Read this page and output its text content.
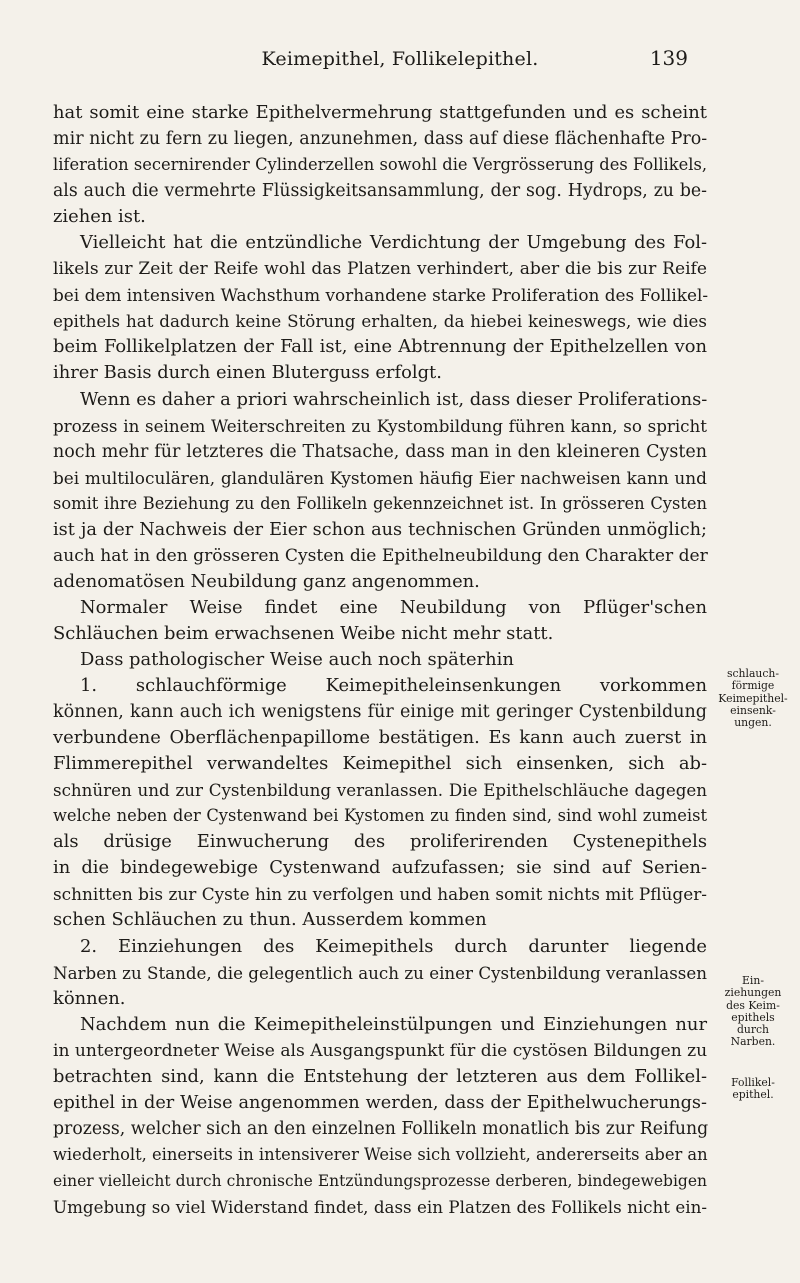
Keimepithel, Follikelepithel.	139
hat somit eine starke Epithelvermehrung stattgefunden und es scheint
mir nicht zu fern zu liegen, anzunehmen, dass auf diese flächenhafte Pro-
liferation secernirender Cylinderzellen sowohl die Vergrösserung des Follikels,
als auch die vermehrte Flüssigkeitsansammlung, der sog. Hydrops, zu be-
ziehen ist.
Vielleicht hat die entzündliche Verdichtung der Umgebung des Fol-
likels zur Zeit der Reife wohl das Platzen verhindert, aber die bis zur Reife
bei dem intensiven Wachsthum vorhandene starke Proliferation des Follikel-
epithels hat dadurch keine Störung erhalten, da hiebei keineswegs, wie dies
beim Follikelplatzen der Fall ist, eine Abtrennung der Epithelzellen von
ihrer Basis durch einen Bluterguss erfolgt.
Wenn es daher a priori wahrscheinlich ist, dass dieser Proliferations-
prozess in seinem Weiterschreiten zu Kystombildung führen kann, so spricht
noch mehr für letzteres die Thatsache, dass man in den kleineren Cysten
bei multiloculären, glandulären Kystomen häufig Eier nachweisen kann und
somit ihre Beziehung zu den Follikeln gekennzeichnet ist. In grösseren Cysten
ist ja der Nachweis der Eier schon aus technischen Gründen unmöglich;
auch hat in den grösseren Cysten die Epithelneubildung den Charakter der
adenomatösen Neubildung ganz angenommen.
Normaler Weise findet eine Neubildung von Pflüger'schen
Schläuchen beim erwachsenen Weibe nicht mehr statt.
Dass pathologischer Weise auch noch späterhin
1. schlauchförmige Keimepitheleinsenkungen vorkommen
können, kann auch ich wenigstens für einige mit geringer Cystenbildung
verbundene Oberflächenpapillome bestätigen. Es kann auch zuerst in
Flimmerepithel verwandeltes Keimepithel sich einsenken, sich ab-
schnüren und zur Cystenbildung veranlassen. Die Epithelschläuche dagegen
welche neben der Cystenwand bei Kystomen zu finden sind, sind wohl zumeist
als drüsige Einwucherung des proliferirenden Cystenepithels
in die bindegewebige Cystenwand aufzufassen; sie sind auf Serien-
schnitten bis zur Cyste hin zu verfolgen und haben somit nichts mit Pflüger-
schen Schläuchen zu thun. Ausserdem kommen
2. Einziehungen des Keimepithels durch darunter liegende
Narben zu Stande, die gelegentlich auch zu einer Cystenbildung veranlassen
können.
Nachdem nun die Keimepitheleinstülpungen und Einziehungen nur
in untergeordneter Weise als Ausgangspunkt für die cystösen Bildungen zu
betrachten sind, kann die Entstehung der letzteren aus dem Follikel-
epithel in der Weise angenommen werden, dass der Epithelwucherungs-
prozess, welcher sich an den einzelnen Follikeln monatlich bis zur Reifung
wiederholt, einerseits in intensiverer Weise sich vollzieht, andererseits aber an
einer vielleicht durch chronische Entzündungsprozesse derberen, bindegewebigen
Umgebung so viel Widerstand findet, dass ein Platzen des Follikels nicht ein-
schlauch-
förmige
Keimepithel-
einsenk-
ungen.
Ein-
ziehungen
des Keim-
epithels
durch
Narben.
Follikel-
epithel.
